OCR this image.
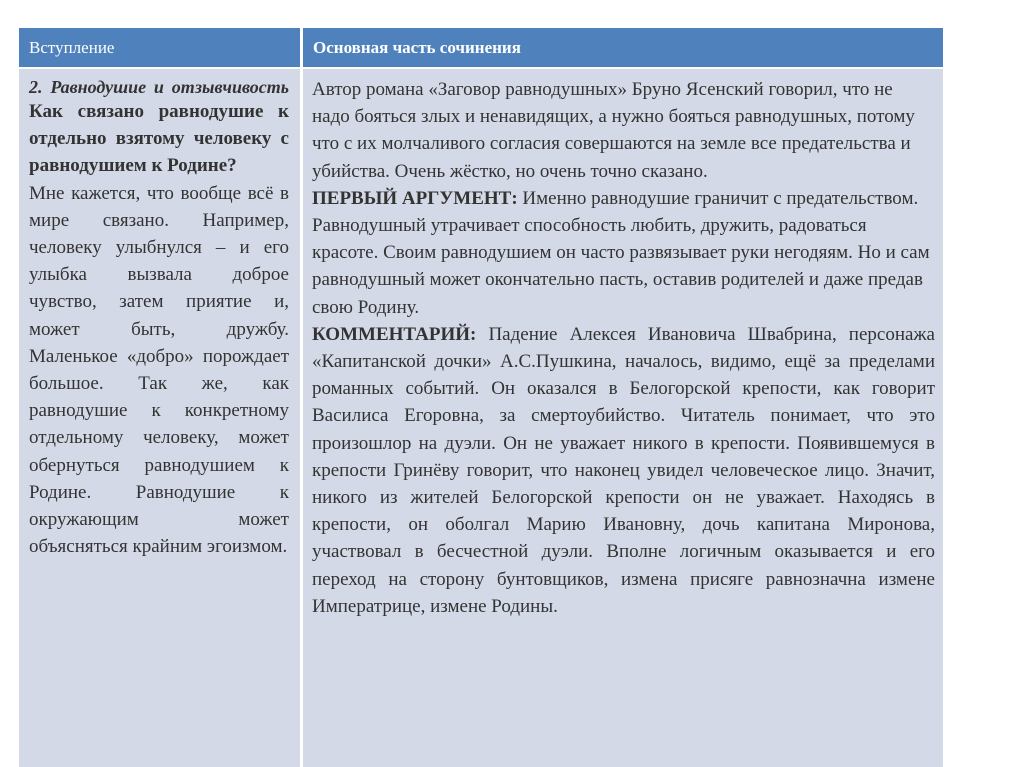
Вступление	Основная часть сочинения
2. Равнодушие и отзывчивость
Как связано равнодушие к отдельно взятому человеку с равнодушием к Родине?
Мне кажется, что вообще всё в мире связано. Например, человеку улыбнулся – и его улыбка вызвала доброе чувство, затем приятие и, может быть, дружбу. Маленькое «добро» порождает большое. Так же, как равнодушие к конкретному отдельному человеку, может обернуться равнодушием к Родине. Равнодушие к окружающим может объясняться крайним эгоизмом.

Автор романа «Заговор равнодушных» Бруно Ясенский говорил, что не надо бояться злых и ненавидящих, а нужно бояться равнодушных, потому что с их молчаливого согласия совершаются на земле все предательства и убийства. Очень жёстко, но очень точно сказано.

ПЕРВЫЙ АРГУМЕНТ: Именно равнодушие граничит с предательством. Равнодушный утрачивает способность любить, дружить, радоваться красоте. Своим равнодушием он часто развязывает руки негодяям. Но и сам равнодушный может окончательно пасть, оставив родителей и даже предав свою Родину.

КОММЕНТАРИЙ: Падение Алексея Ивановича Швабрина, персонажа «Капитанской дочки» А.С.Пушкина, началось, видимо, ещё за пределами романных событий. Он оказался в Белогорской крепости, как говорит Василиса Егоровна, за смертоубийство. Читатель понимает, что это произошлор на дуэли. Он не уважает никого в крепости. Появившемуся в крепости Гринёву говорит, что наконец увидел человеческое лицо. Значит, никого из жителей Белогорской крепости он не уважает. Находясь в крепости, он оболгал Марию Ивановну, дочь капитана Миронова, участвовал в бесчестной дуэли. Вполне логичным оказывается и его переход на сторону бунтовщиков, измена присяге равнозначна измене Императрице, измене Родины.
